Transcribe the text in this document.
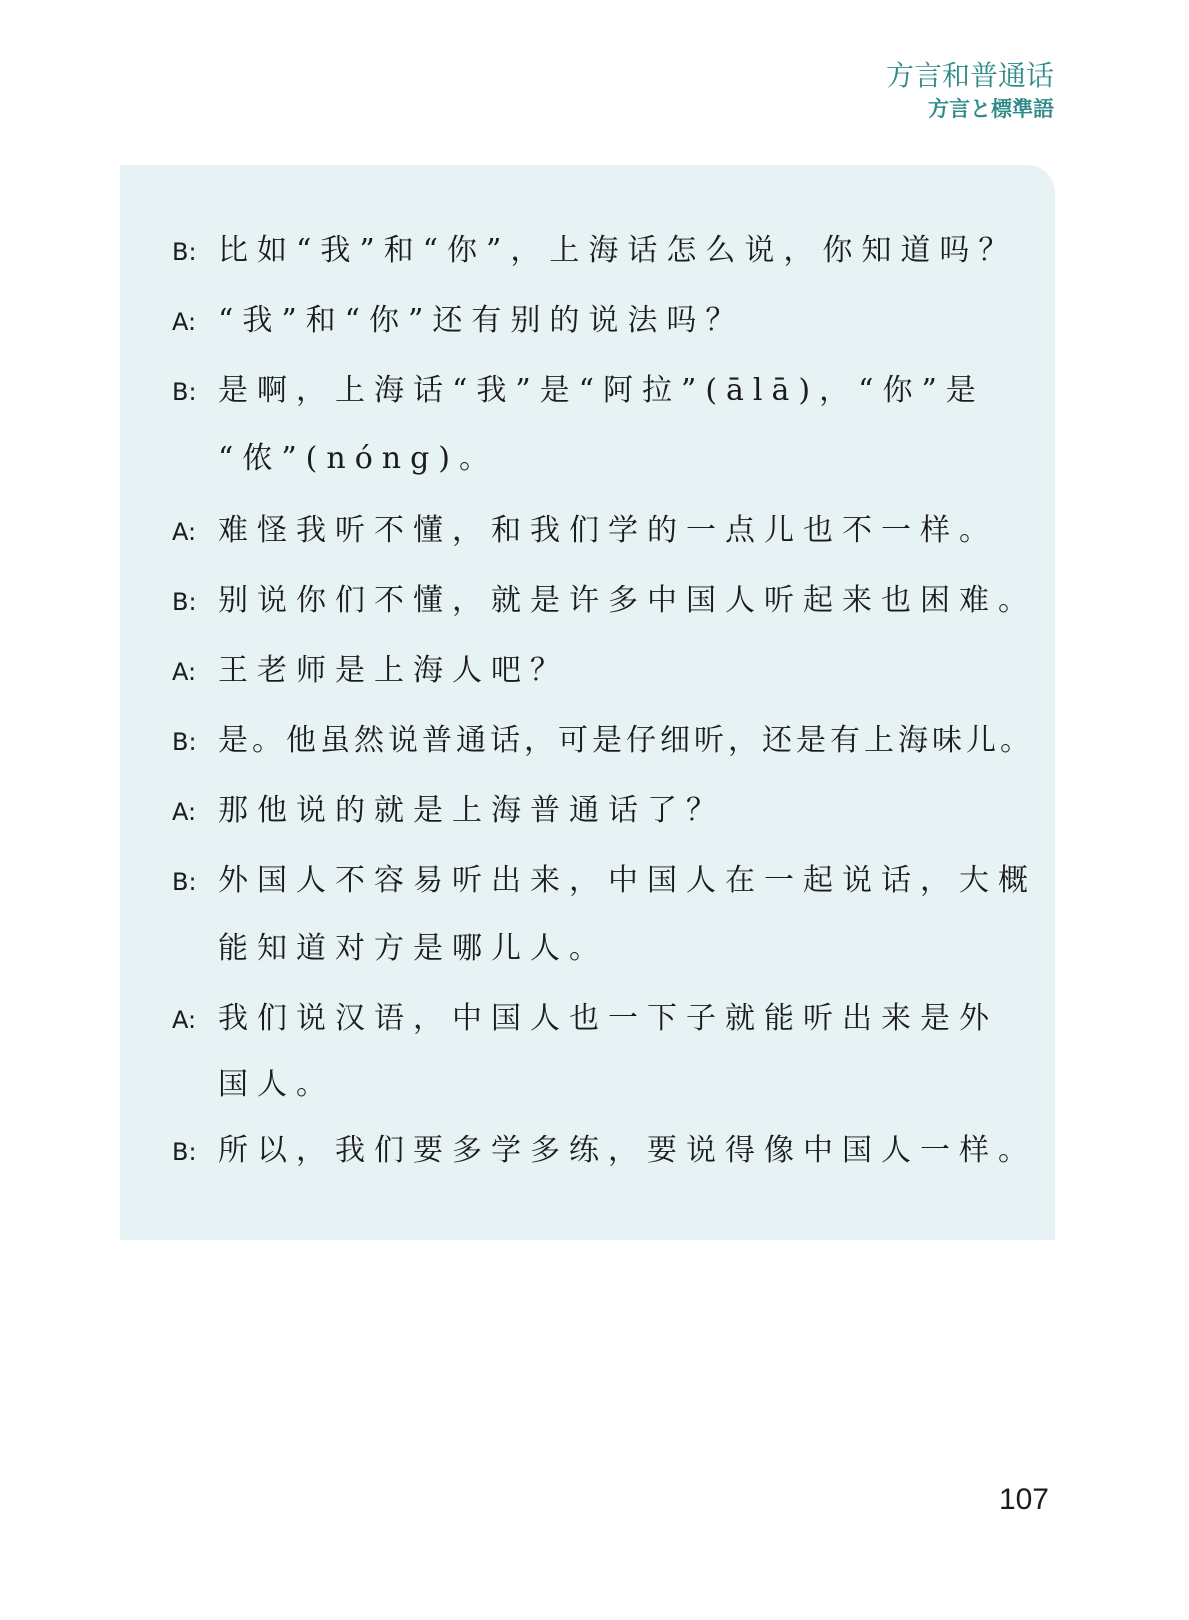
方言和普通话
方言と標準語
B: 比如“我”和“你”，上海话怎么说，你知道吗？
A: “我”和“你”还有别的说法吗？
B: 是啊，上海话“我”是“阿拉”(ālā)，“你”是
“侬”(nóng)。
A: 难怪我听不懂，和我们学的一点儿也不一样。
B: 别说你们不懂，就是许多中国人听起来也困难。
A: 王老师是上海人吧？
B: 是。他虽然说普通话，可是仔细听，还是有上海味儿。
A: 那他说的就是上海普通话了？
B: 外国人不容易听出来，中国人在一起说话，大概
能知道对方是哪儿人。
A: 我们说汉语，中国人也一下子就能听出来是外
国人。
B: 所以，我们要多学多练，要说得像中国人一样。
107
